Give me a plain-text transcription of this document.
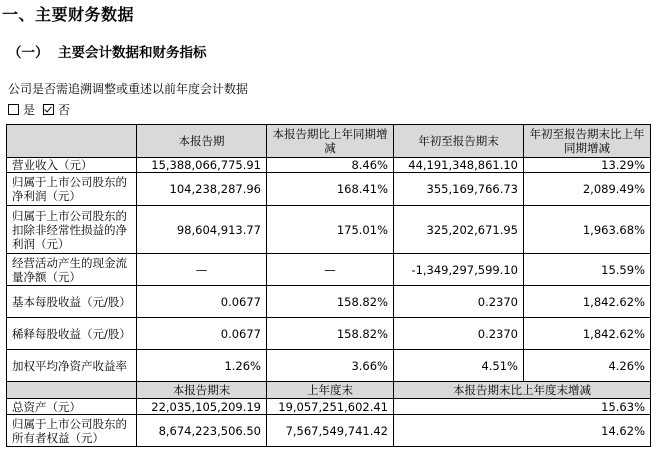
一、主要财务数据
（一） 主要会计数据和财务指标
公司是否需追溯调整或重述以前年度会计数据
是 否
	本报告期	本报告期比上年同期增减	年初至报告期末	年初至报告期末比上年同期增减
营业收入（元）	15,388,066,775.91	8.46%	44,191,348,861.10	13.29%
归属于上市公司股东的净利润（元）	104,238,287.96	168.41%	355,169,766.73	2,089.49%
归属于上市公司股东的扣除非经常性损益的净利润（元）	98,604,913.77	175.01%	325,202,671.95	1,963.68%
经营活动产生的现金流量净额（元）	—	—	-1,349,297,599.10	15.59%
基本每股收益（元/股）	0.0677	158.82%	0.2370	1,842.62%
稀释每股收益（元/股）	0.0677	158.82%	0.2370	1,842.62%
加权平均净资产收益率	1.26%	3.66%	4.51%	4.26%
	本报告期末	上年度末	本报告期末比上年度末增减	
总资产（元）	22,035,105,209.19	19,057,251,602.41	15.63%	
归属于上市公司股东的所有者权益（元）	8,674,223,506.50	7,567,549,741.42	14.62%	
